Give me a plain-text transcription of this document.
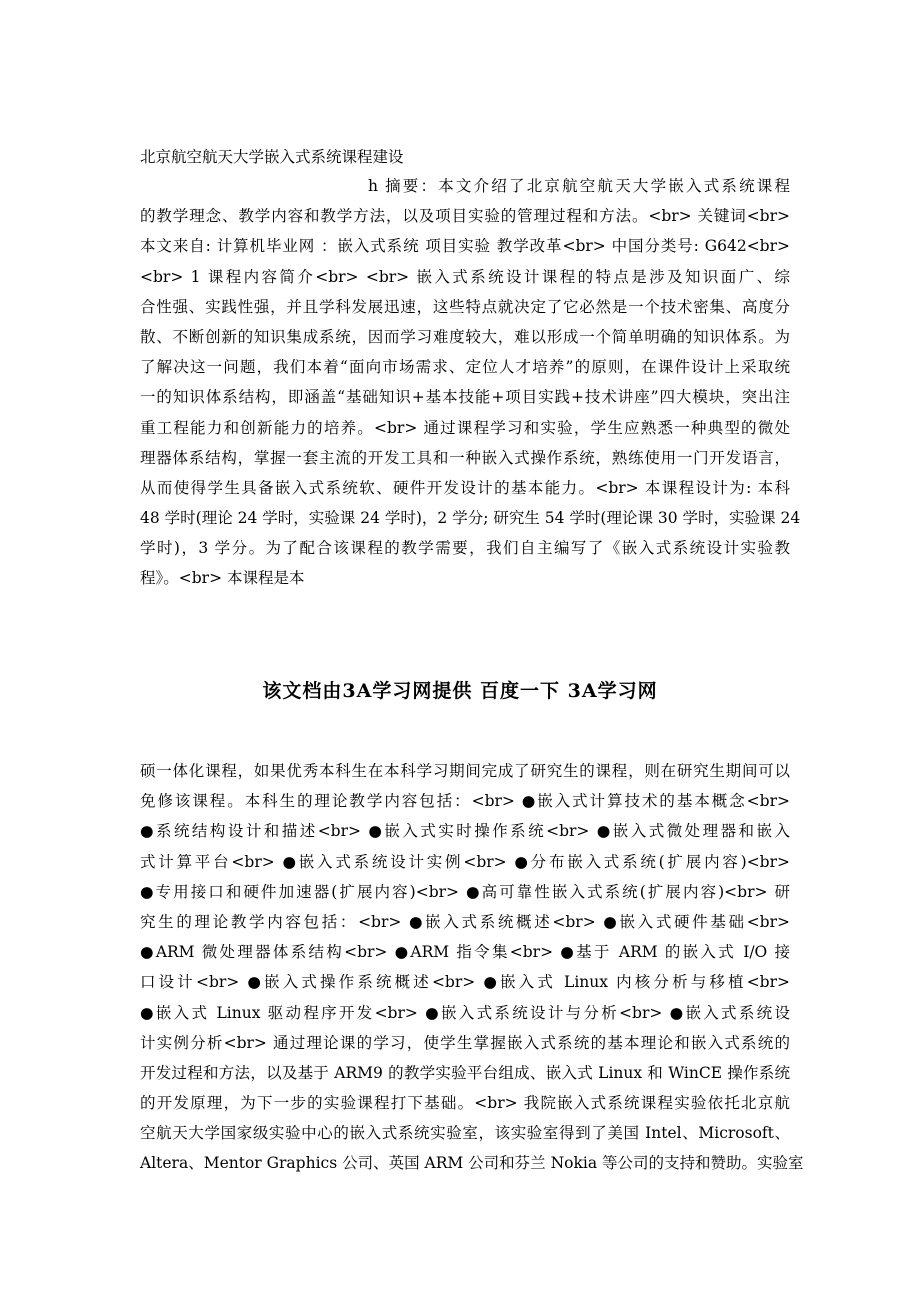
北京航空航天大学嵌入式系统课程建设
h 摘要：本文介绍了北京航空航天大学嵌入式系统课程
的教学理念、教学内容和教学方法，以及项目实验的管理过程和方法。<br> 关键词<br>
本文来自: 计算机毕业网 ：嵌入式系统 项目实验 教学改革<br> 中国分类号: G642<br>
<br> 1 课程内容简介<br> <br> 嵌入式系统设计课程的特点是涉及知识面广、综
合性强、实践性强，并且学科发展迅速，这些特点就决定了它必然是一个技术密集、高度分
散、不断创新的知识集成系统，因而学习难度较大，难以形成一个简单明确的知识体系。为
了解决这一问题，我们本着“面向市场需求、定位人才培养”的原则，在课件设计上采取统
一的知识体系结构，即涵盖“基础知识+基本技能+项目实践+技术讲座”四大模块，突出注
重工程能力和创新能力的培养。<br> 通过课程学习和实验，学生应熟悉一种典型的微处
理器体系结构，掌握一套主流的开发工具和一种嵌入式操作系统，熟练使用一门开发语言，
从而使得学生具备嵌入式系统软、硬件开发设计的基本能力。<br> 本课程设计为: 本科
48 学时(理论 24 学时，实验课 24 学时)，2 学分; 研究生 54 学时(理论课 30 学时，实验课 24
学时)，3 学分。为了配合该课程的教学需要，我们自主编写了《嵌入式系统设计实验教
程》。<br> 本课程是本
该文档由3A学习网提供 百度一下 3A学习网
硕一体化课程，如果优秀本科生在本科学习期间完成了研究生的课程，则在研究生期间可以
免修该课程。本科生的理论教学内容包括：<br> ●嵌入式计算技术的基本概念<br>
●系统结构设计和描述<br> ●嵌入式实时操作系统<br> ●嵌入式微处理器和嵌入
式计算平台<br> ●嵌入式系统设计实例<br> ●分布嵌入式系统(扩展内容)<br>
●专用接口和硬件加速器(扩展内容)<br> ●高可靠性嵌入式系统(扩展内容)<br> 研
究生的理论教学内容包括：<br> ●嵌入式系统概述<br> ●嵌入式硬件基础<br>
●ARM 微处理器体系结构<br> ●ARM 指令集<br> ●基于 ARM 的嵌入式 I/O 接
口设计<br> ●嵌入式操作系统概述<br> ●嵌入式 Linux 内核分析与移植<br>
●嵌入式 Linux 驱动程序开发<br> ●嵌入式系统设计与分析<br> ●嵌入式系统设
计实例分析<br> 通过理论课的学习，使学生掌握嵌入式系统的基本理论和嵌入式系统的
开发过程和方法，以及基于 ARM9 的教学实验平台组成、嵌入式 Linux 和 WinCE 操作系统
的开发原理，为下一步的实验课程打下基础。<br> 我院嵌入式系统课程实验依托北京航
空航天大学国家级实验中心的嵌入式系统实验室，该实验室得到了美国 Intel、Microsoft、
Altera、Mentor Graphics 公司、英国 ARM 公司和芬兰 Nokia 等公司的支持和赞助。实验室
